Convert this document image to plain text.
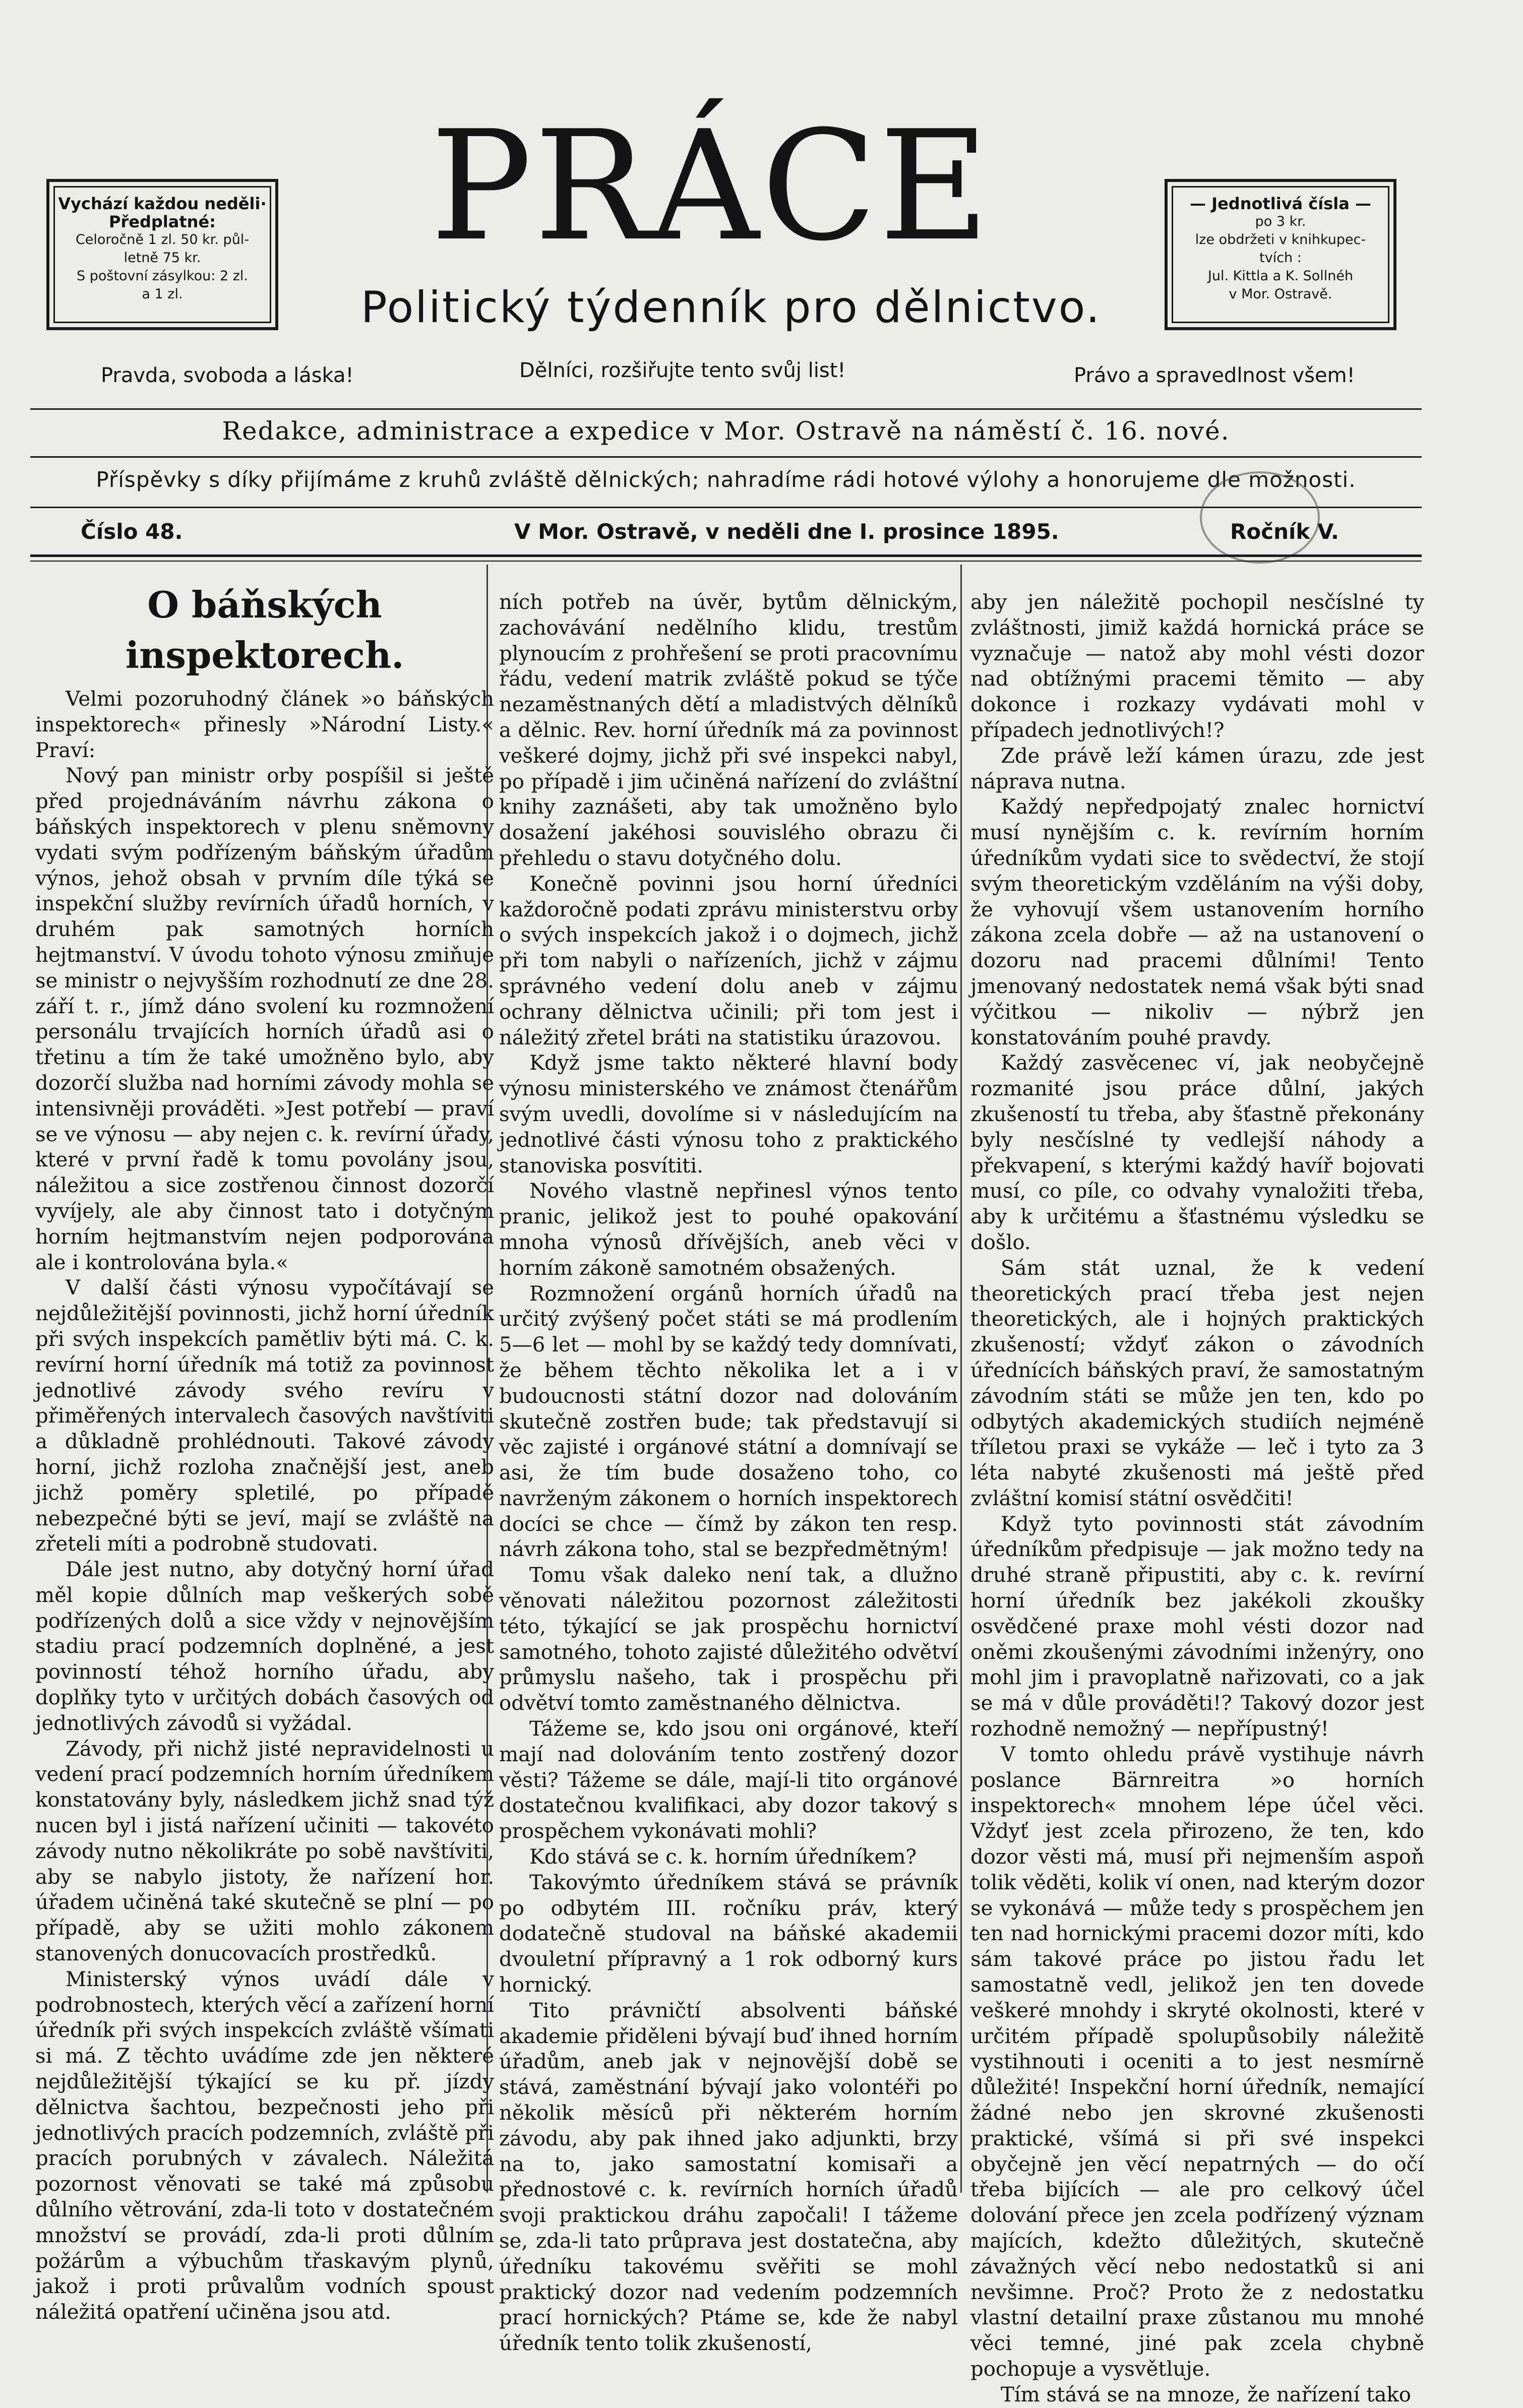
Vychází každou neděli·
Předplatné:
Celoročně 1 zl. 50 kr. půl-
letně 75 kr.
S poštovní zásylkou: 2 zl.
a 1 zl.
— Jednotlivá čísla —
po 3 kr.
lze obdržeti v knihkupec-
tvích :
Jul. Kittla a K. Sollnéh
v Mor. Ostravě.
PRÁCE
Politický týdenník pro dělnictvo.
Pravda, svoboda a láska!	Dělníci, rozšiřujte tento svůj list!	Právo a spravedlnost všem!
Redakce, administrace a expedice v Mor. Ostravě na náměstí č. 16. nové.
Příspěvky s díky přijímáme z kruhů zvláště dělnických; nahradíme rádi hotové výlohy a honorujeme dle možnosti.
Číslo 48.	V Mor. Ostravě, v neděli dne I. prosince 1895.	Ročník V.
O báňských inspektorech.

Velmi pozoruhodný článek »o báňských inspektorech« přinesly »Národní Listy.« Praví:

Nový pan ministr orby pospíšil si ještě před projednáváním návrhu zákona o báňských inspektorech v plenu sněmovny vydati svým podřízeným báňským úřadům výnos, jehož obsah v prvním díle týká se inspekční služby revírních úřadů horních, v druhém pak samotných horních hejtmanství. V úvodu tohoto výnosu zmiňuje se ministr o nejvyšším rozhodnutí ze dne 28. září t. r., jímž dáno svolení ku rozmnožení personálu trvajících horních úřadů asi o třetinu a tím že také umožněno bylo, aby dozorčí služba nad horními závody mohla se intensivněji prováděti. »Jest potřebí — praví se ve výnosu — aby nejen c. k. revírní úřady, které v první řadě k tomu povolány jsou, náležitou a sice zostřenou činnost dozorčí vyvíjely, ale aby činnost tato i dotyčným horním hejtmanstvím nejen podporována ale i kontrolována byla.«

V další části výnosu vypočítávají se nejdůležitější povinnosti, jichž horní úředník při svých inspekcích pamětliv býti má. C. k. revírní horní úředník má totiž za povinnost jednotlivé závody svého revíru v přiměřených intervalech časových navštíviti a důkladně prohlédnouti. Takové závody horní, jichž rozloha značnější jest, aneb jichž poměry spletilé, po případě nebezpečné býti se jeví, mají se zvláště na zřeteli míti a podrobně studovati.

Dále jest nutno, aby dotyčný horní úřad měl kopie důlních map veškerých sobě podřízených dolů a sice vždy v nejnovějším stadiu prací podzemních doplněné, a jest povinností téhož horního úřadu, aby doplňky tyto v určitých dobách časových od jednotlivých závodů si vyžádal.

Závody, při nichž jisté nepravidelnosti u vedení prací podzemních horním úředníkem konstatovány byly, následkem jichž snad týž nucen byl i jistá nařízení učiniti — takovéto závody nutno několikráte po sobě navštíviti, aby se nabylo jistoty, že nařízení hor. úřadem učiněná také skutečně se plní — po případě, aby se užiti mohlo zákonem stanovených donucovacích prostředků.

Ministerský výnos uvádí dále v podrobnostech, kterých věcí a zařízení horní úředník při svých inspekcích zvláště všímati si má. Z těchto uvádíme zde jen některé nejdůležitější týkající se ku př. jízdy dělnictva šachtou, bezpečnosti jeho při jednotlivých pracích podzemních, zvláště při pracích porubných v závalech. Náležitá pozornost věnovati se také má způsobu důlního větrování, zda-li toto v dostatečném množství se provádí, zda-li proti důlním požárům a výbuchům třaskavým plynů, jakož i proti průvalům vodních spoust náležitá opatření učiněna jsou atd.

ních potřeb na úvěr, bytům dělnickým, zachovávání nedělního klidu, trestům plynoucím z prohřešení se proti pracovnímu řádu, vedení matrik zvláště pokud se týče nezaměstnaných dětí a mladistvých dělníků a dělnic. Rev. horní úředník má za povinnost veškeré dojmy, jichž při své inspekci nabyl, po případě i jim učiněná nařízení do zvláštní knihy zaznášeti, aby tak umožněno bylo dosažení jakéhosi souvislého obrazu či přehledu o stavu dotyčného dolu.

Konečně povinni jsou horní úředníci každoročně podati zprávu ministerstvu orby o svých inspekcích jakož i o dojmech, jichž při tom nabyli o nařízeních, jichž v zájmu správného vedení dolu aneb v zájmu ochrany dělnictva učinili; při tom jest i náležitý zřetel bráti na statistiku úrazovou.

Když jsme takto některé hlavní body výnosu ministerského ve známost čtenářům svým uvedli, dovolíme si v následujícím na jednotlivé části výnosu toho z praktického stanoviska posvítiti.

Nového vlastně nepřinesl výnos tento pranic, jelikož jest to pouhé opakování mnoha výnosů dřívějších, aneb věci v horním zákoně samotném obsažených.

Rozmnožení orgánů horních úřadů na určitý zvýšený počet státi se má prodlením 5—6 let — mohl by se každý tedy domnívati, že během těchto několika let a i v budoucnosti státní dozor nad dolováním skutečně zostřen bude; tak představují si věc zajisté i orgánové státní a domnívají se asi, že tím bude dosaženo toho, co navrženým zákonem o horních inspektorech docíci se chce — čímž by zákon ten resp. návrh zákona toho, stal se bezpředmětným!

Tomu však daleko není tak, a dlužno věnovati náležitou pozornost záležitosti této, týkající se jak prospěchu hornictví samotného, tohoto zajisté důležitého odvětví průmyslu našeho, tak i prospěchu při odvětví tomto zaměstnaného dělnictva.

Tážeme se, kdo jsou oni orgánové, kteří mají nad dolováním tento zostřený dozor věsti? Tážeme se dále, mají-li tito orgánové dostatečnou kvalifikaci, aby dozor takový s prospěchem vykonávati mohli?

Kdo stává se c. k. horním úředníkem?

Takovýmto úředníkem stává se právník po odbytém III. ročníku práv, který dodatečně studoval na báňské akademii dvouletní přípravný a 1 rok odborný kurs hornický.

Tito právničtí absolventi báňské akademie přiděleni bývají buď ihned horním úřadům, aneb jak v nejnovější době se stává, zaměstnání bývají jako volontéři po několik měsíců při některém horním závodu, aby pak ihned jako adjunkti, brzy na to, jako samostatní komisaři a přednostové c. k. revírních horních úřadů svoji praktickou dráhu započali! I tážeme se, zda-li tato průprava jest dostatečna, aby úředníku takovému svěřiti se mohl praktický dozor nad vedením podzemních prací hornických? Ptáme se, kde že nabyl úředník tento tolik zkušeností,

aby jen náležitě pochopil nesčíslné ty zvláštnosti, jimiž každá hornická práce se vyznačuje — natož aby mohl vésti dozor nad obtížnými pracemi těmito — aby dokonce i rozkazy vydávati mohl v případech jednotlivých!?

Zde právě leží kámen úrazu, zde jest náprava nutna.

Každý nepředpojatý znalec hornictví musí nynějším c. k. revírním horním úředníkům vydati sice to svědectví, že stojí svým theoretickým vzděláním na výši doby, že vyhovují všem ustanovením horního zákona zcela dobře — až na ustanovení o dozoru nad pracemi důlními! Tento jmenovaný nedostatek nemá však býti snad výčitkou — nikoliv — nýbrž jen konstatováním pouhé pravdy.

Každý zasvěcenec ví, jak neobyčejně rozmanité jsou práce důlní, jakých zkušeností tu třeba, aby šťastně překonány byly nesčíslné ty vedlejší náhody a překvapení, s kterými každý havíř bojovati musí, co píle, co odvahy vynaložiti třeba, aby k určitému a šťastnému výsledku se došlo.

Sám stát uznal, že k vedení theoretických prací třeba jest nejen theoretických, ale i hojných praktických zkušeností; vždyť zákon o závodních úřednících báňských praví, že samostatným závodním státi se může jen ten, kdo po odbytých akademických studiích nejméně tříletou praxi se vykáže — leč i tyto za 3 léta nabyté zkušenosti má ještě před zvláštní komisí státní osvědčiti!

Když tyto povinnosti stát závodním úředníkům předpisuje — jak možno tedy na druhé straně připustiti, aby c. k. revírní horní úředník bez jakékoli zkoušky osvědčené praxe mohl vésti dozor nad oněmi zkoušenými závodními inženýry, ono mohl jim i pravoplatně nařizovati, co a jak se má v důle prováděti!? Takový dozor jest rozhodně nemožný — nepřípustný!

V tomto ohledu právě vystihuje návrh poslance Bärnreitra »o horních inspektorech« mnohem lépe účel věci. Vždyť jest zcela přirozeno, že ten, kdo dozor věsti má, musí při nejmenším aspoň tolik věděti, kolik ví onen, nad kterým dozor se vykonává — může tedy s prospěchem jen ten nad hornickými pracemi dozor míti, kdo sám takové práce po jistou řadu let samostatně vedl, jelikož jen ten dovede veškeré mnohdy i skryté okolnosti, které v určitém případě spolupůsobily náležitě vystihnouti i oceniti a to jest nesmírně důležité! Inspekční horní úředník, nemající žádné nebo jen skrovné zkušenosti praktické, všímá si při své inspekci obyčejně jen věcí nepatrných — do očí třeba bijících — ale pro celkový účel dolování přece jen zcela podřízený význam majících, kdežto důležitých, skutečně závažných věcí nebo nedostatků si ani nevšimne. Proč? Proto že z nedostatku vlastní detailní praxe zůstanou mu mnohé věci temné, jiné pak zcela chybně pochopuje a vysvětluje.

Tím stává se na mnoze, že nařízení tako
